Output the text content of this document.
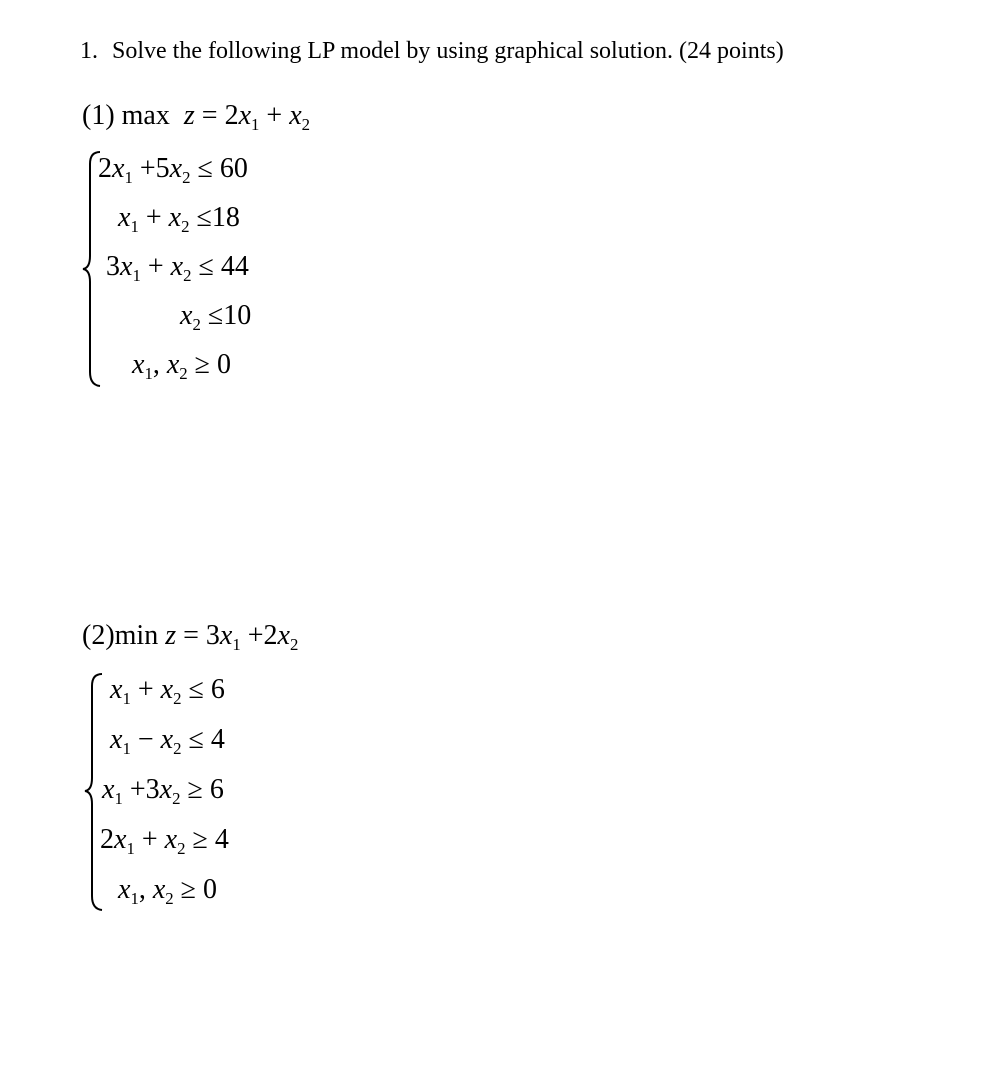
1. Solve the following LP model by using graphical solution. (24 points)
(1) $\max z = 2x_1 + x_2$
$2x_1 +5x_2 \le 60$
$x_1 + x_2 \le 18$
$3x_1 + x_2 \le 44$
$x_2 \le 10$
$x_1$, $x_2 \ge 0$
(2)min $z = 3x_1 +2x_2$
$x_1 + x_2 \le 6$
$x_1 - x_2 \le 4$
$x_1 +3x_2 \ge 6$
$2x_1 + x_2 \ge 4$
$x_1$, $x_2 \ge 0$
